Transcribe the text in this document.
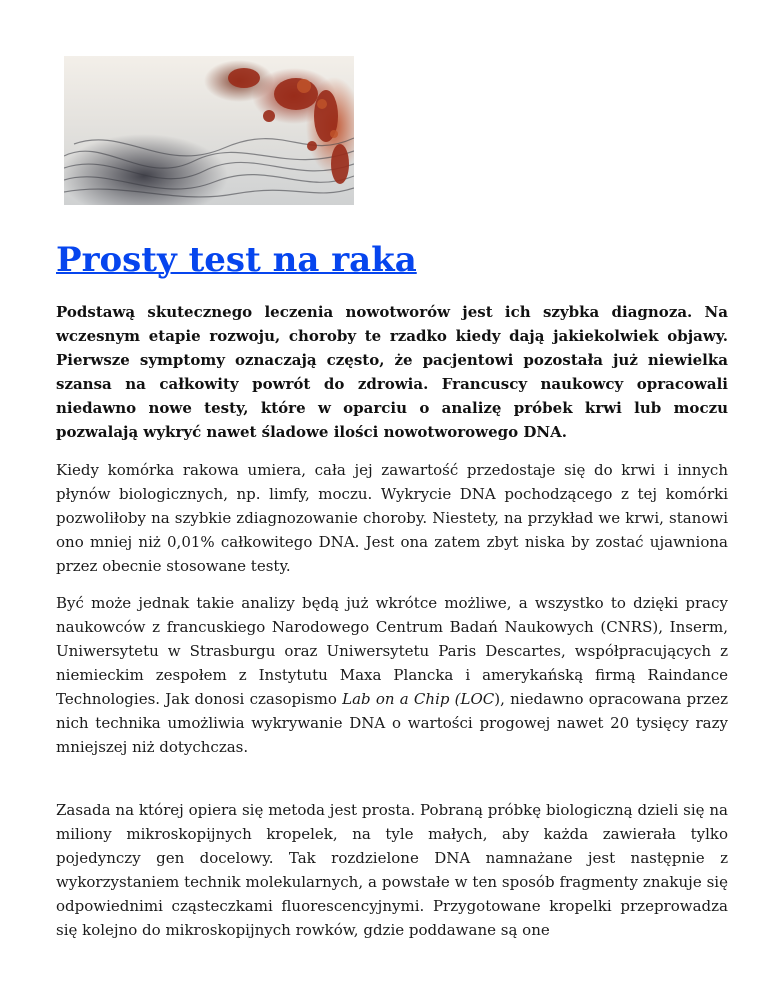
Prosty test na raka

Podstawą skutecznego leczenia nowotworów jest ich szybka diagnoza. Na wczesnym etapie rozwoju, choroby te rzadko kiedy dają jakiekolwiek objawy. Pierwsze symptomy oznaczają często, że pacjentowi pozostała już niewielka szansa na całkowity powrót do zdrowia. Francuscy naukowcy opracowali niedawno nowe testy, które w oparciu o analizę próbek krwi lub moczu pozwalają wykryć nawet śladowe ilości nowotworowego DNA.

Kiedy komórka rakowa umiera, cała jej zawartość przedostaje się do krwi i innych płynów biologicznych, np. limfy, moczu. Wykrycie DNA pochodzącego z tej komórki pozwoliłoby na szybkie zdiagnozowanie choroby. Niestety, na przykład we krwi, stanowi ono mniej niż 0,01% całkowitego DNA. Jest ona zatem zbyt niska by zostać ujawniona przez obecnie stosowane testy.

Być może jednak takie analizy będą już wkrótce możliwe, a wszystko to dzięki pracy naukowców z francuskiego Narodowego Centrum Badań Naukowych (CNRS), Inserm, Uniwersytetu w Strasburgu oraz Uniwersytetu Paris Descartes, współpracujących z niemieckim zespołem z Instytutu Maxa Plancka i amerykańską firmą Raindance Technologies. Jak donosi czasopismo Lab on a Chip (LOC), niedawno opracowana przez nich technika umożliwia wykrywanie DNA o wartości progowej nawet 20 tysięcy razy mniejszej niż dotychczas.

Zasada na której opiera się metoda jest prosta. Pobraną próbkę biologiczną dzieli się na miliony mikroskopijnych kropelek, na tyle małych, aby każda zawierała tylko pojedynczy gen docelowy. Tak rozdzielone DNA namnażane jest następnie z wykorzystaniem technik molekularnych, a powstałe w ten sposób fragmenty znakuje się odpowiednimi cząsteczkami fluorescencyjnymi. Przygotowane kropelki przeprowadza się kolejno do mikroskopijnych rowków, gdzie poddawane są one
